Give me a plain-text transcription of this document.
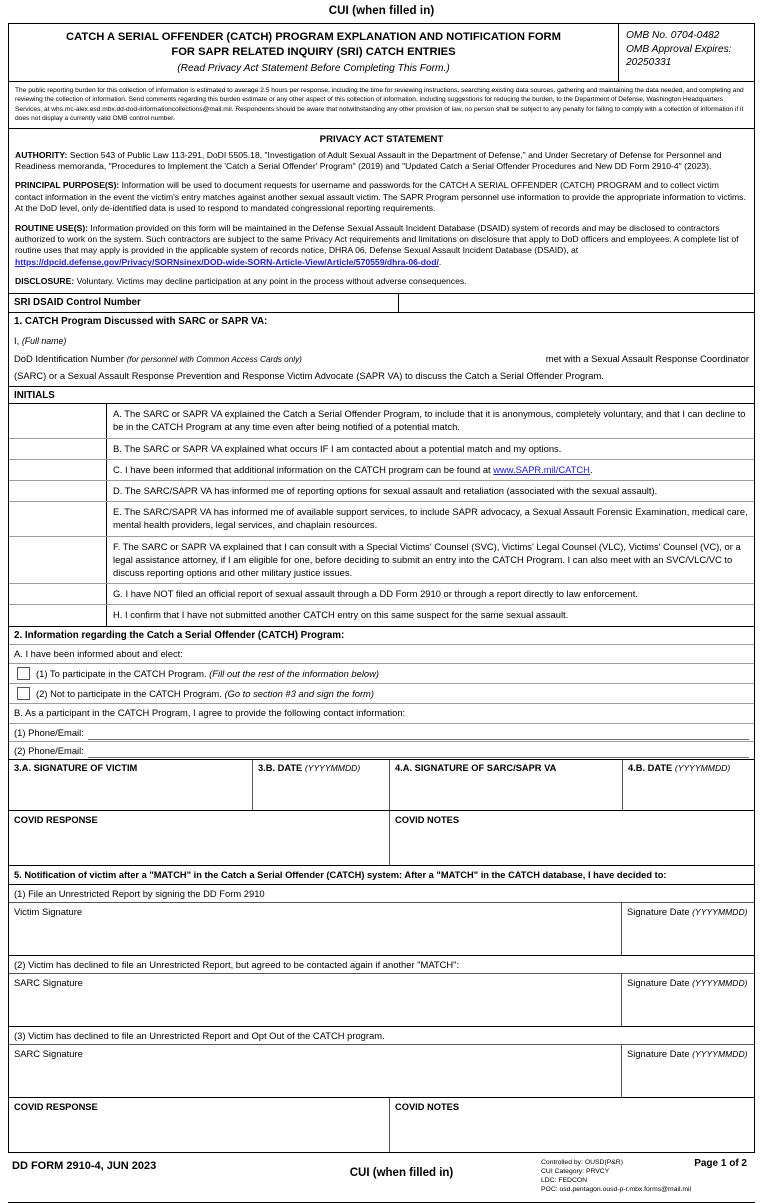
CUI (when filled in)
CATCH A SERIAL OFFENDER (CATCH) PROGRAM EXPLANATION AND NOTIFICATION FORM
FOR SAPR RELATED INQUIRY (SRI) CATCH ENTRIES
(Read Privacy Act Statement Before Completing This Form.)
OMB No. 0704-0482
OMB Approval Expires:
20250331
The public reporting burden for this collection of information is estimated to average 2.5 hours per response, including the time for reviewing instructions, searching existing data sources, gathering and maintaining the data needed, and completing and reviewing the collection of information. Send comments regarding this burden estimate or any other aspect of this collection of information, including suggestions for reducing the burden, to the Department of Defense, Washington Headquarters Services, at whs.mc-alex.esd.mbx.dd-dod-informationcollections@mail.mil. Respondents should be aware that notwithstanding any other provision of law, no person shall be subject to any penalty for failing to comply with a collection of information if it does not display a currently valid OMB control number.
PRIVACY ACT STATEMENT
AUTHORITY: Section 543 of Public Law 113-291, DoDI 5505.18, "Investigation of Adult Sexual Assault in the Department of Defense," and Under Secretary of Defense for Personnel and Readiness memoranda, "Procedures to Implement the 'Catch a Serial Offender' Program" (2019) and "Updated Catch a Serial Offender Procedures and New DD Form 2910-4" (2023).
PRINCIPAL PURPOSE(S): Information will be used to document requests for username and passwords for the CATCH A SERIAL OFFENDER (CATCH) PROGRAM and to collect victim contact information in the event the victim's entry matches against another sexual assault victim. The SAPR Program personnel use information to provide the appropriate information to victims. At the DoD level, only de-identified data is used to respond to mandated congressional reporting requirements.
ROUTINE USE(S): Information provided on this form will be maintained in the Defense Sexual Assault Incident Database (DSAID) system of records and may be disclosed to contractors authorized to work on the system. Such contractors are subject to the same Privacy Act requirements and limitations on disclosure that apply to DoD officers and employees. A complete list of routine uses that may apply is provided in the applicable system of records notice, DHRA 06, Defense Sexual Assault Incident Database (DSAID), at https://dpcid.defense.gov/Privacy/SORNsinex/DOD-wide-SORN-Article-View/Article/570559/dhra-06-dod/.
DISCLOSURE: Voluntary. Victims may decline participation at any point in the process without adverse consequences.
SRI DSAID Control Number
1. CATCH Program Discussed with SARC or SAPR VA:
I, (Full name)
DoD Identification Number (for personnel with Common Access Cards only)	met with a Sexual Assault Response Coordinator
(SARC) or a Sexual Assault Response Prevention and Response Victim Advocate (SAPR VA) to discuss the Catch a Serial Offender Program.
INITIALS
A. The SARC or SAPR VA explained the Catch a Serial Offender Program, to include that it is anonymous, completely voluntary, and that I can decline to be in the CATCH Program at any time even after being notified of a potential match.
B. The SARC or SAPR VA explained what occurs IF I am contacted about a potential match and my options.
C. I have been informed that additional information on the CATCH program can be found at www.SAPR.mil/CATCH.
D. The SARC/SAPR VA has informed me of reporting options for sexual assault and retaliation (associated with the sexual assault).
E. The SARC/SAPR VA has informed me of available support services, to include SAPR advocacy, a Sexual Assault Forensic Examination, medical care, mental health providers, legal services, and chaplain resources.
F. The SARC or SAPR VA explained that I can consult with a Special Victims' Counsel (SVC), Victims' Legal Counsel (VLC), Victims' Counsel (VC), or a legal assistance attorney, if I am eligible for one, before deciding to submit an entry into the CATCH Program. I can also meet with an SVC/VLC/VC to discuss reporting options and other military justice issues.
G. I have NOT filed an official report of sexual assault through a DD Form 2910 or through a report directly to law enforcement.
H. I confirm that I have not submitted another CATCH entry on this same suspect for the same sexual assault.
2. Information regarding the Catch a Serial Offender (CATCH) Program:
A. I have been informed about and elect:
(1) To participate in the CATCH Program. (Fill out the rest of the information below)
(2) Not to participate in the CATCH Program. (Go to section #3 and sign the form)
B. As a participant in the CATCH Program, I agree to provide the following contact information:
(1) Phone/Email:
(2) Phone/Email:
3.A. SIGNATURE OF VICTIM	3.B. DATE (YYYYMMDD)	4.A. SIGNATURE OF SARC/SAPR VA	4.B. DATE (YYYYMMDD)
COVID RESPONSE	COVID NOTES
5. Notification of victim after a "MATCH" in the Catch a Serial Offender (CATCH) system: After a "MATCH" in the CATCH database, I have decided to:
(1) File an Unrestricted Report by signing the DD Form 2910
Victim Signature	Signature Date (YYYYMMDD)
(2) Victim has declined to file an Unrestricted Report, but agreed to be contacted again if another "MATCH":
SARC Signature	Signature Date (YYYYMMDD)
(3) Victim has declined to file an Unrestricted Report and Opt Out of the CATCH program.
SARC Signature	Signature Date (YYYYMMDD)
COVID RESPONSE	COVID NOTES
DD FORM 2910-4, JUN 2023
CUI (when filled in)
Page 1 of 2
Controlled by: OUSD(P&R)
CUI Category: PRVCY
LDC: FEDCON
POC: osd.pentagon.ousd-p-r.mbx.forms@mail.mil
